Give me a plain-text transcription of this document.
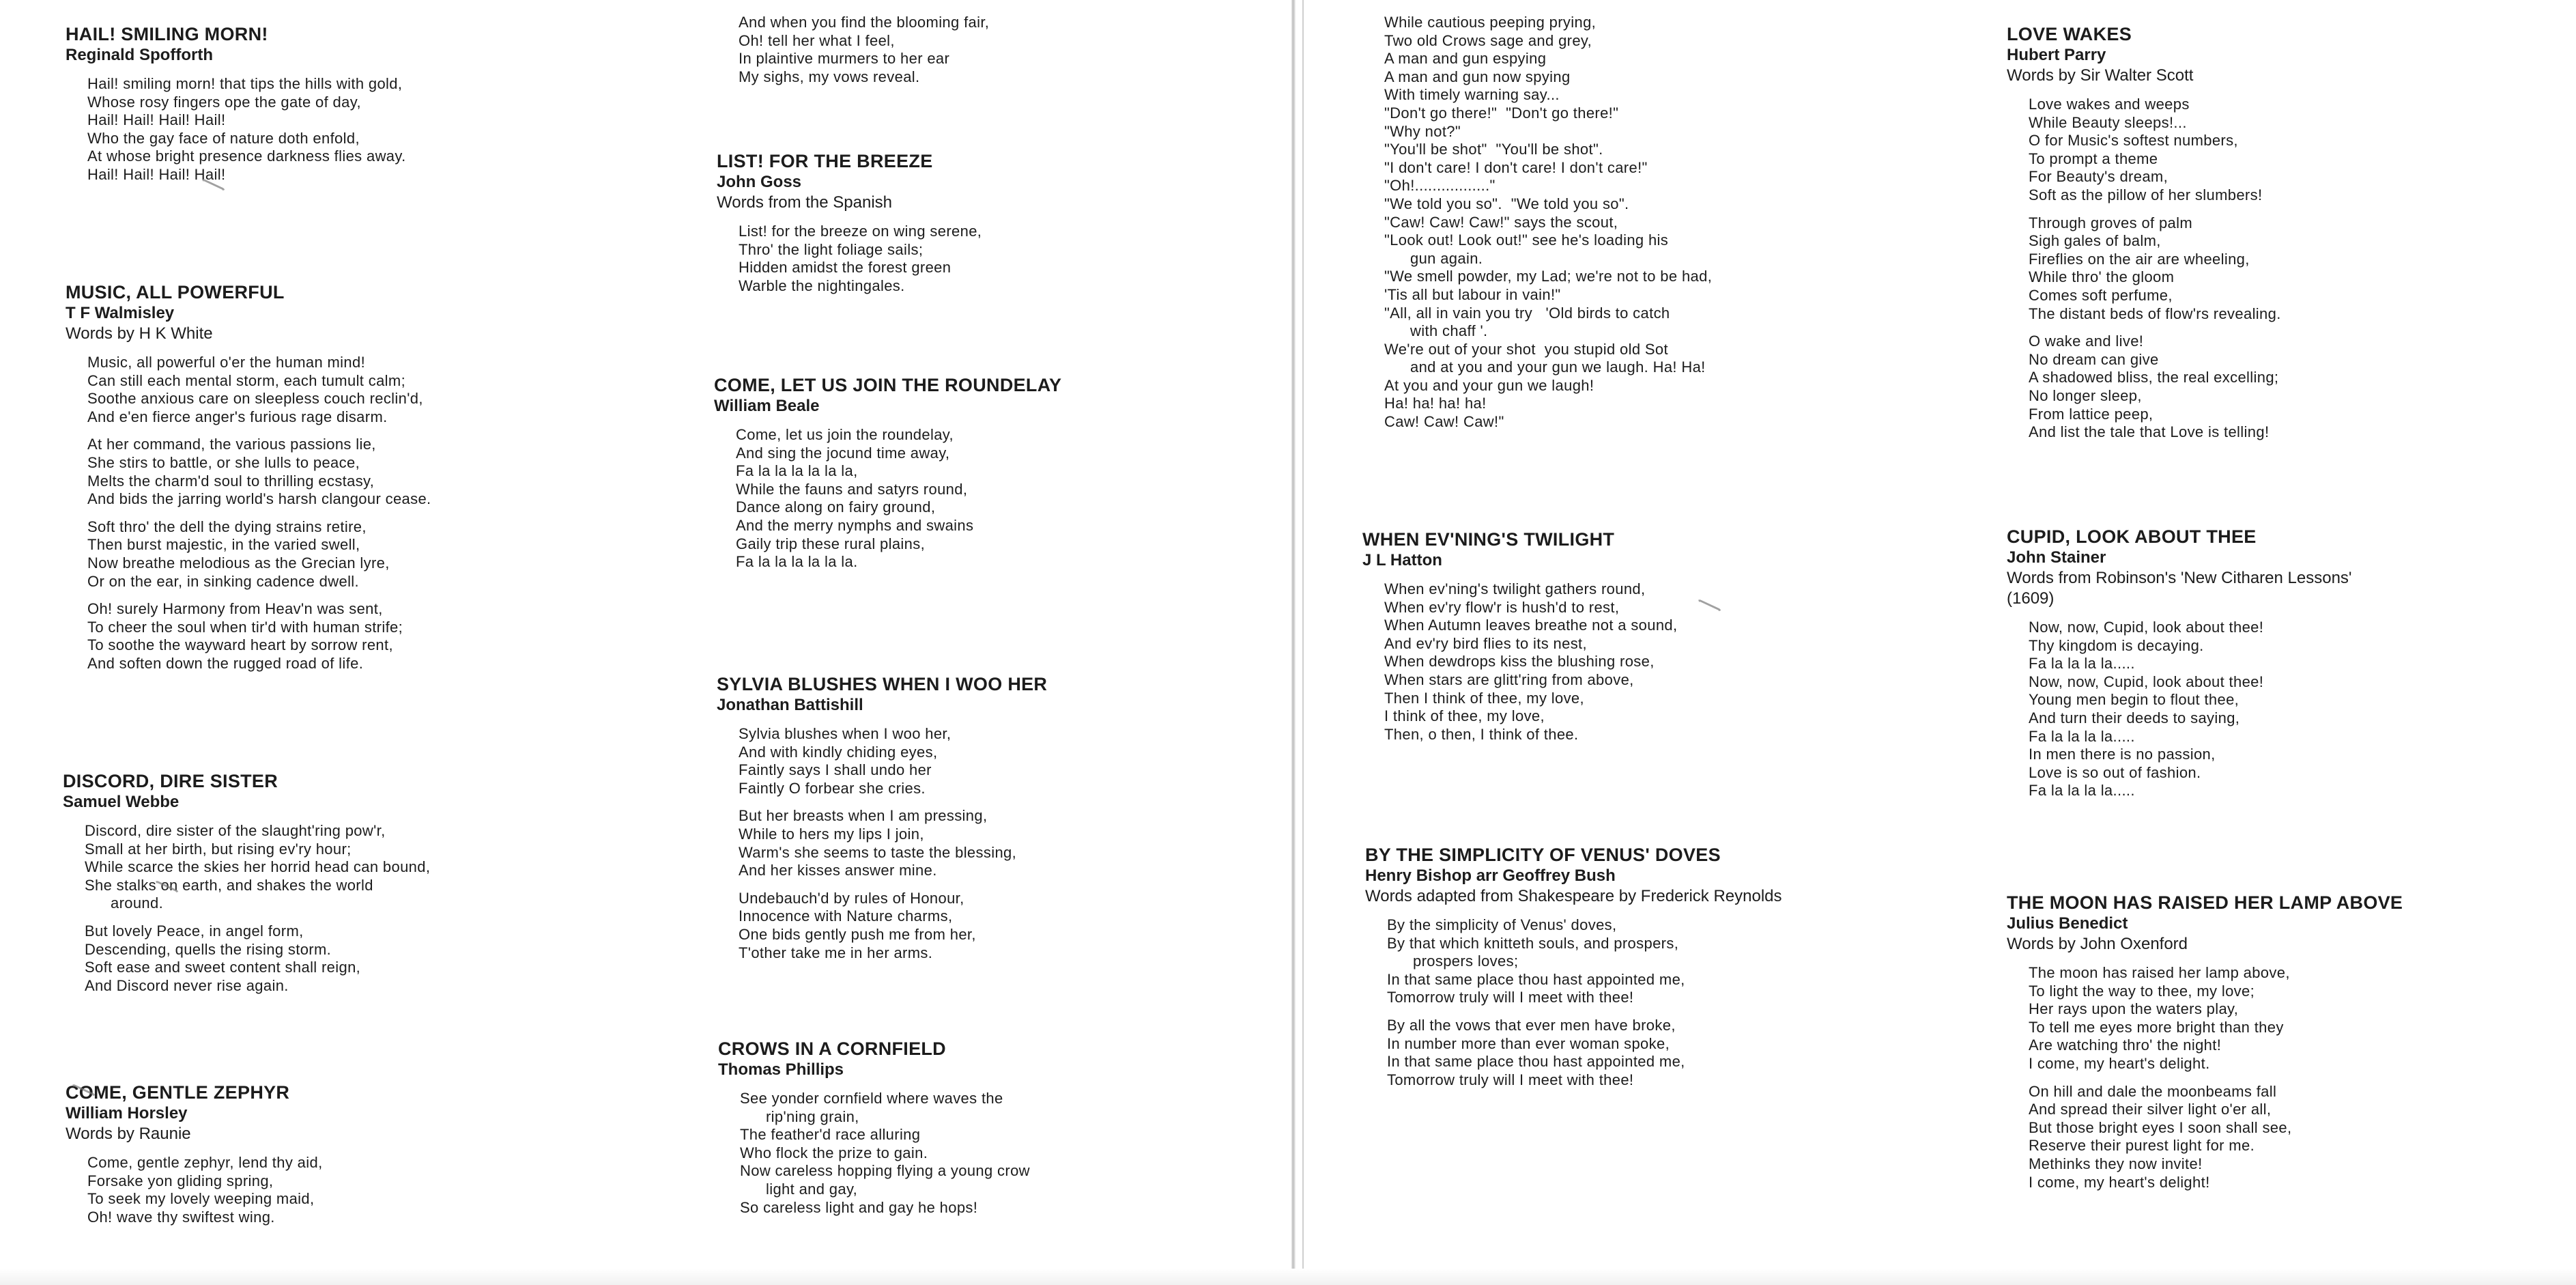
HAIL! SMILING MORN!
Reginald Spofforth
Hail! smiling morn! that tips the hills with gold,
Whose rosy fingers ope the gate of day,
Hail! Hail! Hail! Hail!
Who the gay face of nature doth enfold,
At whose bright presence darkness flies away.
Hail! Hail! Hail! Hail!
MUSIC, ALL POWERFUL
T F Walmisley
Words by H K White
Music, all powerful o'er the human mind!
Can still each mental storm, each tumult calm;
Soothe anxious care on sleepless couch reclin'd,
And e'en fierce anger's furious rage disarm.
At her command, the various passions lie,
She stirs to battle, or she lulls to peace,
Melts the charm'd soul to thrilling ecstasy,
And bids the jarring world's harsh clangour cease.
Soft thro' the dell the dying strains retire,
Then burst majestic, in the varied swell,
Now breathe melodious as the Grecian lyre,
Or on the ear, in sinking cadence dwell.
Oh! surely Harmony from Heav'n was sent,
To cheer the soul when tir'd with human strife;
To soothe the wayward heart by sorrow rent,
And soften down the rugged road of life.
DISCORD, DIRE SISTER
Samuel Webbe
Discord, dire sister of the slaught'ring pow'r,
Small at her birth, but rising ev'ry hour;
While scarce the skies her horrid head can bound,
She stalks on earth, and shakes the world
around.
But lovely Peace, in angel form,
Descending, quells the rising storm.
Soft ease and sweet content shall reign,
And Discord never rise again.
COME, GENTLE ZEPHYR
William Horsley
Words by Raunie
Come, gentle zephyr, lend thy aid,
Forsake yon gliding spring,
To seek my lovely weeping maid,
Oh! wave thy swiftest wing.
And when you find the blooming fair,
Oh! tell her what I feel,
In plaintive murmers to her ear
My sighs, my vows reveal.
LIST! FOR THE BREEZE
John Goss
Words from the Spanish
List! for the breeze on wing serene,
Thro' the light foliage sails;
Hidden amidst the forest green
Warble the nightingales.
COME, LET US JOIN THE ROUNDELAY
William Beale
Come, let us join the roundelay,
And sing the jocund time away,
Fa la la la la la la,
While the fauns and satyrs round,
Dance along on fairy ground,
And the merry nymphs and swains
Gaily trip these rural plains,
Fa la la la la la la.
SYLVIA BLUSHES WHEN I WOO HER
Jonathan Battishill
Sylvia blushes when I woo her,
And with kindly chiding eyes,
Faintly says I shall undo her
Faintly O forbear she cries.
But her breasts when I am pressing,
While to hers my lips I join,
Warm's she seems to taste the blessing,
And her kisses answer mine.
Undebauch'd by rules of Honour,
Innocence with Nature charms,
One bids gently push me from her,
T'other take me in her arms.
CROWS IN A CORNFIELD
Thomas Phillips
See yonder cornfield where waves the
rip'ning grain,
The feather'd race alluring
Who flock the prize to gain.
Now careless hopping flying a young crow
light and gay,
So careless light and gay he hops!
While cautious peeping prying,
Two old Crows sage and grey,
A man and gun espying
A man and gun now spying
With timely warning say...
"Don't go there!"  "Don't go there!"
"Why not?"
"You'll be shot"  "You'll be shot".
"I don't care! I don't care! I don't care!"
"Oh!................."
"We told you so".  "We told you so".
"Caw! Caw! Caw!" says the scout,
"Look out! Look out!" see he's loading his
gun again.
"We smell powder, my Lad; we're not to be had,
'Tis all but labour in vain!"
"All, all in vain you try   'Old birds to catch
with chaff '.
We're out of your shot  you stupid old Sot
and at you and your gun we laugh. Ha! Ha!
At you and your gun we laugh!
Ha! ha! ha! ha!
Caw! Caw! Caw!"
WHEN EV'NING'S TWILIGHT
J L Hatton
When ev'ning's twilight gathers round,
When ev'ry flow'r is hush'd to rest,
When Autumn leaves breathe not a sound,
And ev'ry bird flies to its nest,
When dewdrops kiss the blushing rose,
When stars are glitt'ring from above,
Then I think of thee, my love,
I think of thee, my love,
Then, o then, I think of thee.
BY THE SIMPLICITY OF VENUS' DOVES
Henry Bishop arr Geoffrey Bush
Words adapted from Shakespeare by Frederick Reynolds
By the simplicity of Venus' doves,
By that which knitteth souls, and prospers,
prospers loves;
In that same place thou hast appointed me,
Tomorrow truly will I meet with thee!
By all the vows that ever men have broke,
In number more than ever woman spoke,
In that same place thou hast appointed me,
Tomorrow truly will I meet with thee!
LOVE WAKES
Hubert Parry
Words by Sir Walter Scott
Love wakes and weeps
While Beauty sleeps!...
O for Music's softest numbers,
To prompt a theme
For Beauty's dream,
Soft as the pillow of her slumbers!
Through groves of palm
Sigh gales of balm,
Fireflies on the air are wheeling,
While thro' the gloom
Comes soft perfume,
The distant beds of flow'rs revealing.
O wake and live!
No dream can give
A shadowed bliss, the real excelling;
No longer sleep,
From lattice peep,
And list the tale that Love is telling!
CUPID, LOOK ABOUT THEE
John Stainer
Words from Robinson's 'New Citharen Lessons' (1609)
Now, now, Cupid, look about thee!
Thy kingdom is decaying.
Fa la la la la.....
Now, now, Cupid, look about thee!
Young men begin to flout thee,
And turn their deeds to saying,
Fa la la la la.....
In men there is no passion,
Love is so out of fashion.
Fa la la la la.....
THE MOON HAS RAISED HER LAMP ABOVE
Julius Benedict
Words by John Oxenford
The moon has raised her lamp above,
To light the way to thee, my love;
Her rays upon the waters play,
To tell me eyes more bright than they
Are watching thro' the night!
I come, my heart's delight.
On hill and dale the moonbeams fall
And spread their silver light o'er all,
But those bright eyes I soon shall see,
Reserve their purest light for me.
Methinks they now invite!
I come, my heart's delight!
